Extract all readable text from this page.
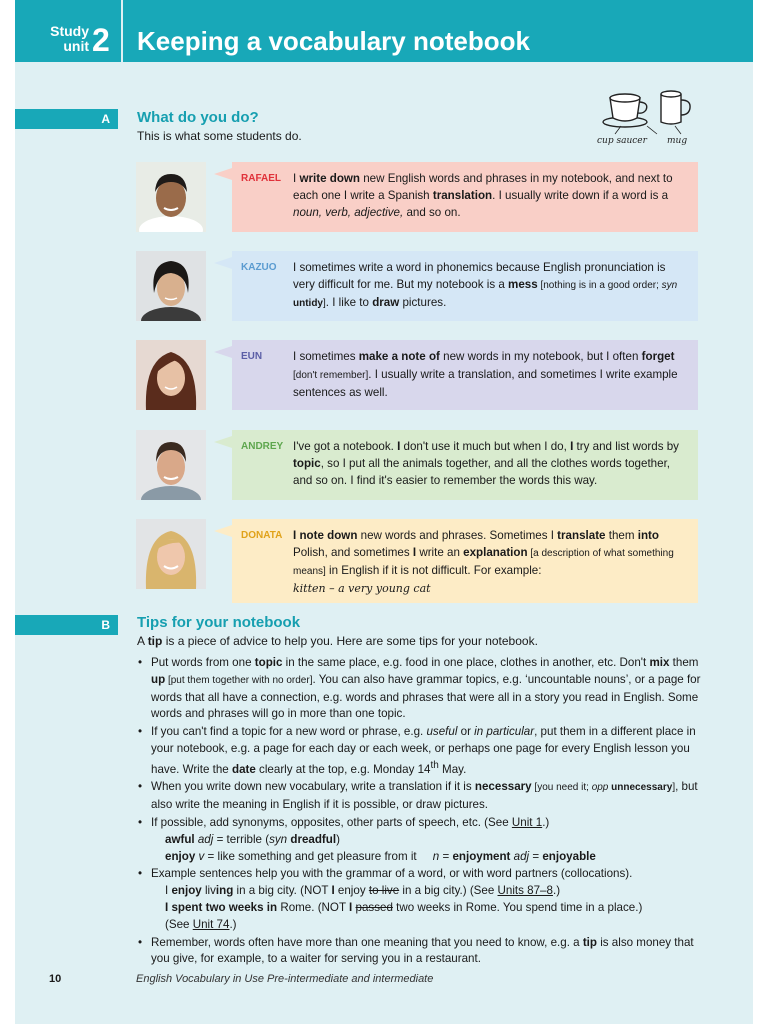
Study
unit 2 Keeping a vocabulary notebook
A	What do you do?
This is what some students do.	cup saucer mug
RAFAEL I write down new English words and phrases in my notebook, and next to each one I write a Spanish translation. I usually write down if a word is a noun, verb, adjective, and so on.
KAZUO I sometimes write a word in phonemics because English pronunciation is very difficult for me. But my notebook is a mess [nothing is in a good order; syn untidy]. I like to draw pictures.
EUN	I sometimes make a note of new words in my notebook, but I often forget [don't remember]. I usually write a translation, and sometimes I write example sentences as well.
ANDREY I've got a notebook. I don't use it much but when I do, I try and list words by topic, so I put all the animals together, and all the clothes words together, and so on. I find it's easier to remember the words this way.
DONATA I note down new words and phrases. Sometimes I translate them into Polish, and sometimes I write an explanation [a description of what something means] in English if it is not difficult. For example:
kitten – a very young cat
B	Tips for your notebook
A tip is a piece of advice to help you. Here are some tips for your notebook.
• Put words from one topic in the same place, e.g. food in one place, clothes in another, etc. Don't mix them up [put them together with no order]. You can also have grammar topics, e.g. ‘uncountable nouns’, or a page for words that all have a connection, e.g. words and phrases that were all in a story you read in English. Some words and phrases will go in more than one topic.
• If you can't find a topic for a new word or phrase, e.g. useful or in particular, put them in a different place in your notebook, e.g. a page for each day or each week, or perhaps one page for every English lesson you have. Write the date clearly at the top, e.g. Monday 14th May.
• When you write down new vocabulary, write a translation if it is necessary [you need it; opp unnecessary], but also write the meaning in English if it is possible, or draw pictures.
• If possible, add synonyms, opposites, other parts of speech, etc. (See Unit 1.)
awful adj = terrible (syn dreadful)
enjoy v = like something and get pleasure from it     n = enjoyment adj = enjoyable
• Example sentences help you with the grammar of a word, or with word partners (collocations).
I enjoy living in a big city. (NOT I enjoy to live in a big city.) (See Units 87–8.)
I spent two weeks in Rome. (NOT I passed two weeks in Rome. You spend time in a place.)
(See Unit 74.)
• Remember, words often have more than one meaning that you need to know, e.g. a tip is also money that you give, for example, to a waiter for serving you in a restaurant.
10	English Vocabulary in Use Pre-intermediate and intermediate
